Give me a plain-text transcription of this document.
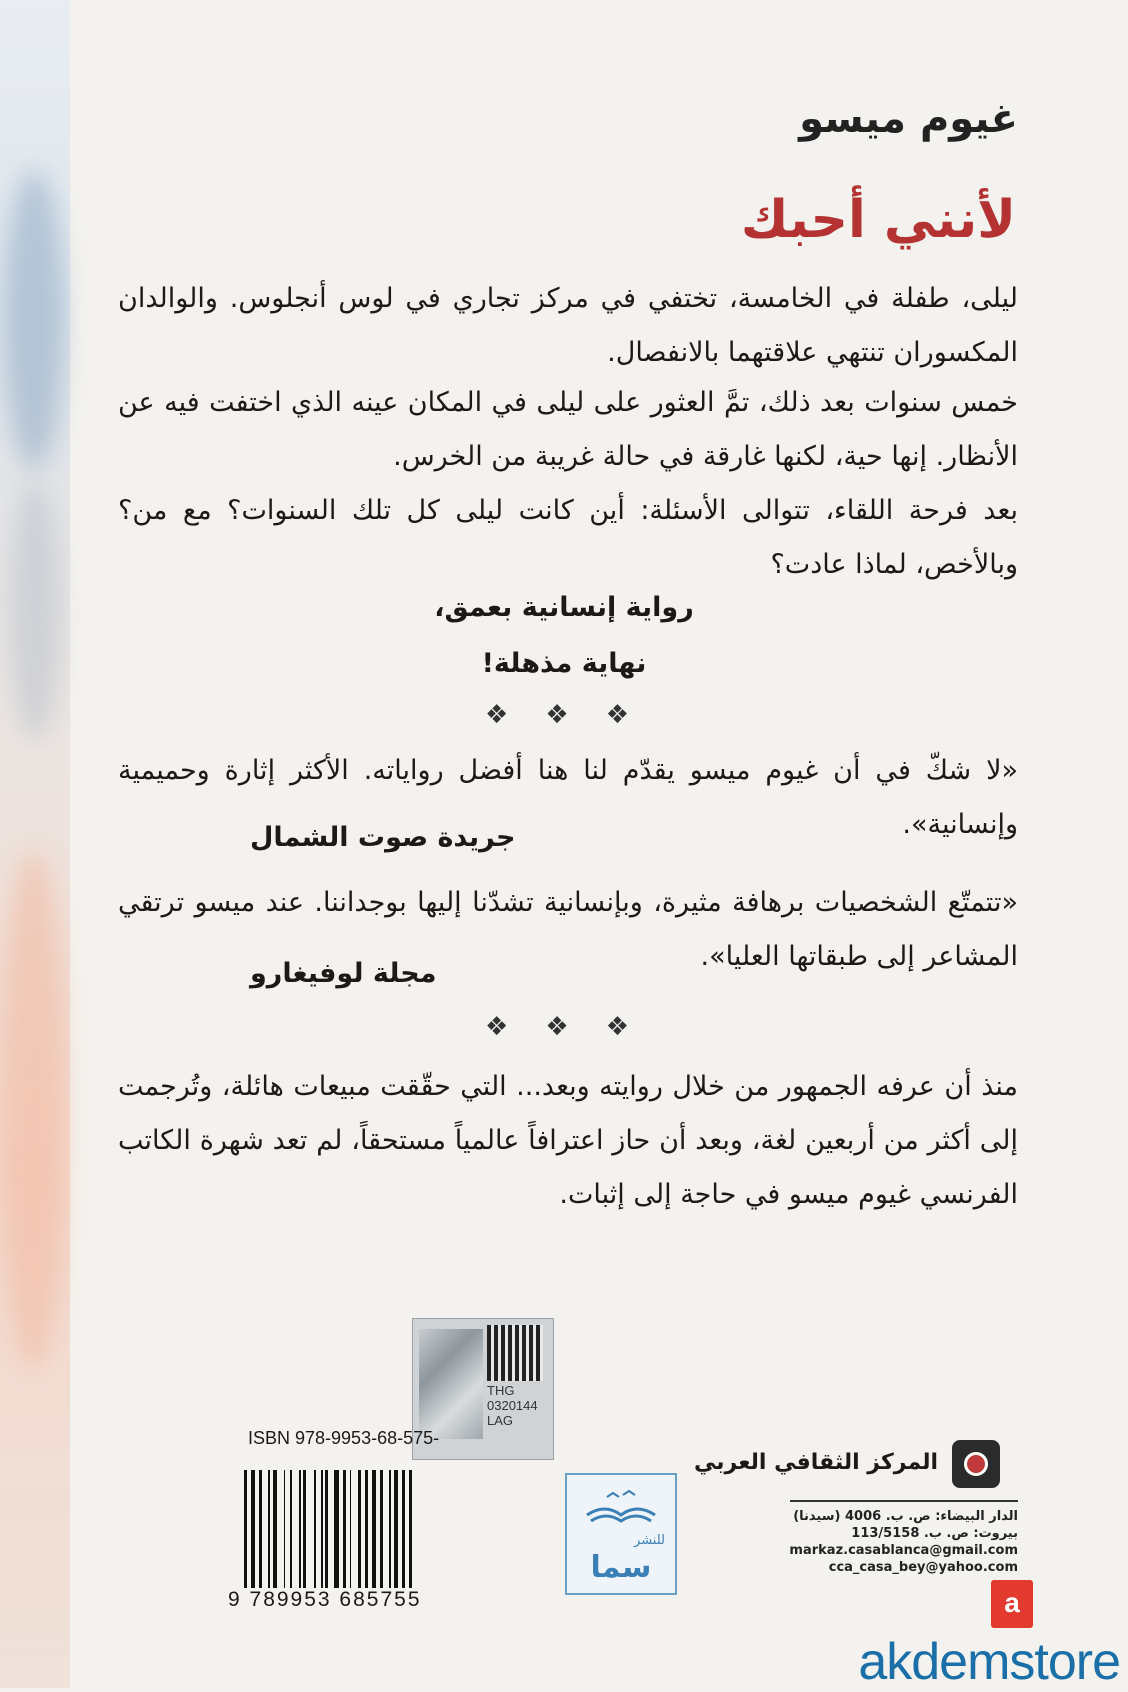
غيوم ميسو
لأنني أحبك
ليلى، طفلة في الخامسة، تختفي في مركز تجاري في لوس أنجلوس. والوالدان المكسوران تنتهي علاقتهما بالانفصال.
خمس سنوات بعد ذلك، تمَّ العثور على ليلى في المكان عينه الذي اختفت فيه عن الأنظار. إنها حية، لكنها غارقة في حالة غريبة من الخرس.
بعد فرحة اللقاء، تتوالى الأسئلة: أين كانت ليلى كل تلك السنوات؟ مع من؟ وبالأخص، لماذا عادت؟
رواية إنسانية بعمق،
نهاية مذهلة!
❖ ❖ ❖
«لا شكّ في أن غيوم ميسو يقدّم لنا هنا أفضل رواياته. الأكثر إثارة وحميمية وإنسانية».
جريدة صوت الشمال
«تتمتّع الشخصيات برهافة مثيرة، وبإنسانية تشدّنا إليها بوجداننا. عند ميسو ترتقي المشاعر إلى طبقاتها العليا».
مجلة لوفيغارو
❖ ❖ ❖
منذ أن عرفه الجمهور من خلال روايته وبعد... التي حقّقت مبيعات هائلة، وتُرجمت إلى أكثر من أربعين لغة، وبعد أن حاز اعترافاً عالمياً مستحقاً، لم تعد شهرة الكاتب الفرنسي غيوم ميسو في حاجة إلى إثبات.
THG
0320144
LAG
ISBN 978-9953-68-575-
9 789953 685755
للنشر
سما
المركز الثقافي العربي
الدار البيضاء: ص. ب. 4006 (سيدنا)
بيروت: ص. ب. 113/5158
markaz.casablanca@gmail.com
cca_casa_bey@yahoo.com
a
akdemstore
